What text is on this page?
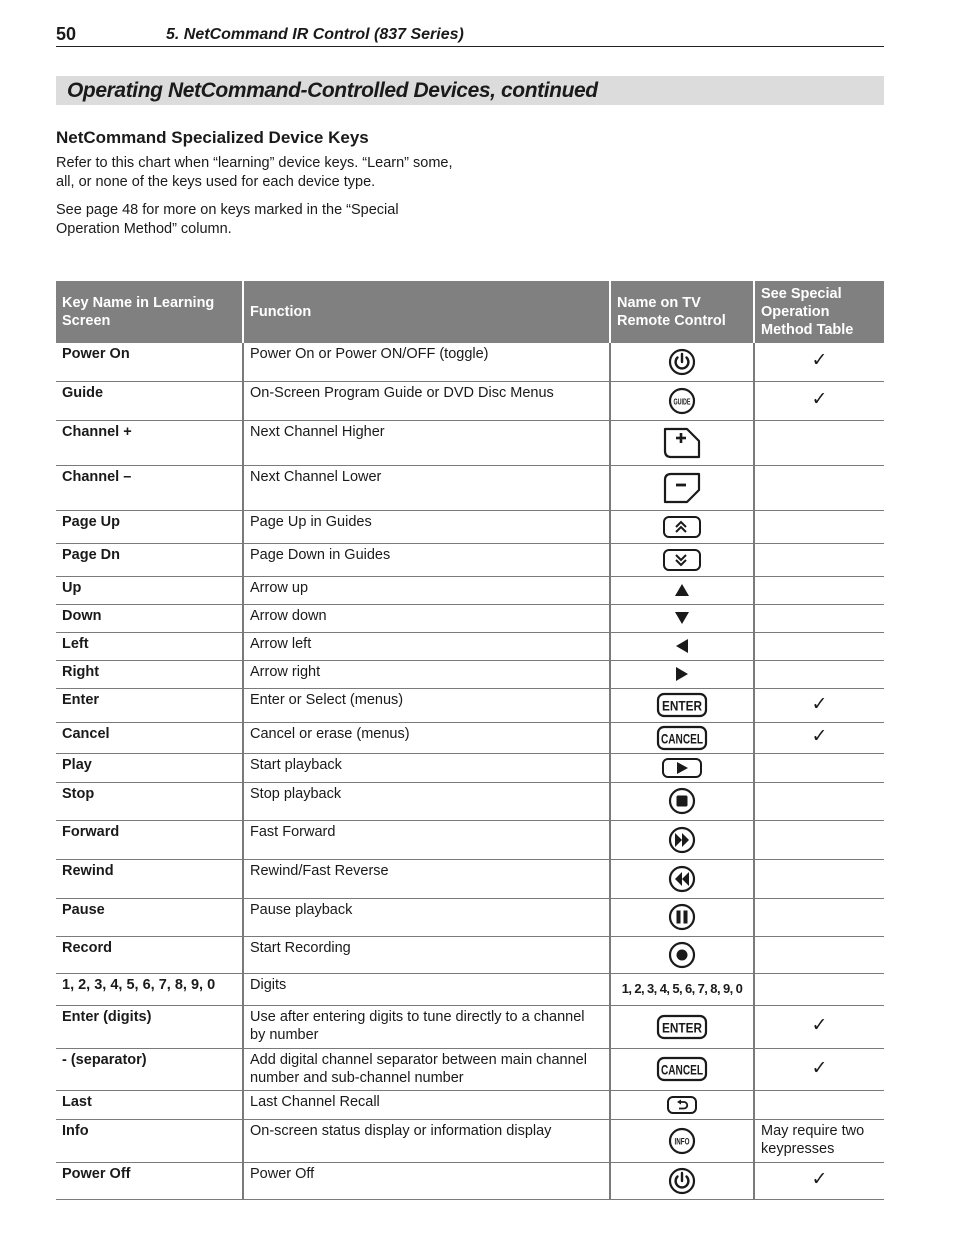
50	5. NetCommand IR Control (837 Series)
Operating NetCommand-Controlled Devices, continued
NetCommand Specialized Device Keys

Refer to this chart when “learning” device keys. “Learn” some, all, or none of the keys used for each device type.

See page 48 for more on keys marked in the “Special Operation Method” column.

Key Name in Learning Screen	Function	Name on TV Remote Control	See Special Operation Method Table
Power On	Power On or Power ON/OFF (toggle)		✓
Guide	On-Screen Program Guide or DVD Disc Menus	GUIDE	✓
Channel +	Next Channel Higher	

Channel –	Next Channel Lower	

Page Up	Page Up in Guides	

Page Dn	Page Down in Guides	

Up	Arrow up	

Down	Arrow down	

Left	Arrow left	

Right	Arrow right	

Enter	Enter or Select (menus)	ENTER	✓
Cancel	Cancel or erase (menus)	CANCEL	✓
Play	Start playback	

Stop	Stop playback	

Forward	Fast Forward	

Rewind	Rewind/Fast Reverse	

Pause	Pause playback	

Record	Start Recording	

1, 2, 3, 4, 5, 6, 7, 8, 9, 0	Digits	1, 2, 3, 4, 5, 6, 7, 8, 9, 0	
Enter (digits)	Use after entering digits to tune directly to a channel by number	ENTER	✓
- (separator)	Add digital channel separator between main channel number and sub-channel number	CANCEL	✓
Last	Last Channel Recall	

Info	On-screen status display or information display	INFO	May require two keypresses
Power Off	Power Off		✓
